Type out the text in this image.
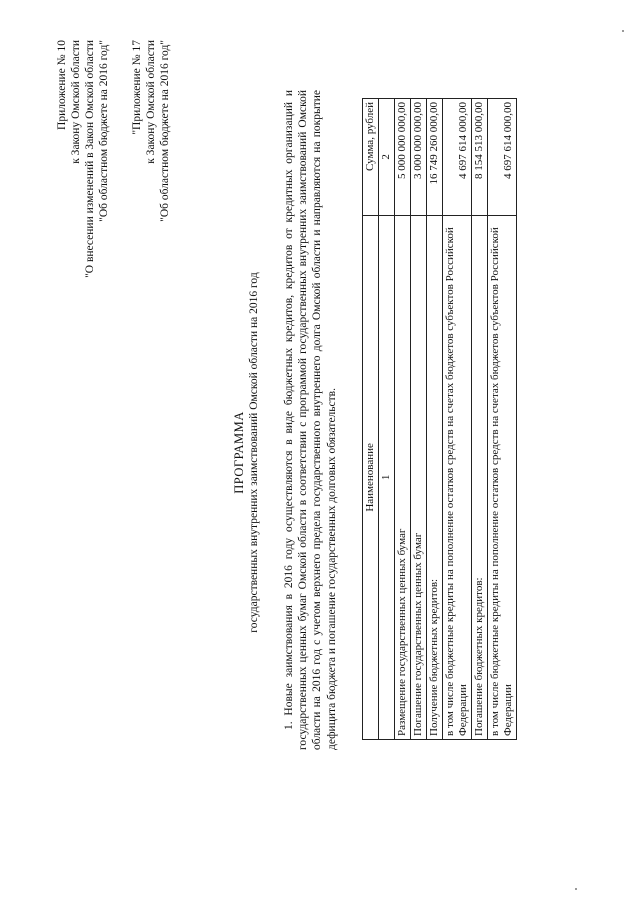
Приложение № 10 к Закону Омской области "О внесении изменений в Закон Омской области "Об областном бюджете на 2016 год" "Приложение № 17 к Закону Омской области "Об областном бюджете на 2016 год"
ПРОГРАММА государственных внутренних заимствований Омской области на 2016 год 1. Новые заимствования в 2016 году осуществляются в виде бюджетных кредитов, кредитов от кредитных организаций и государственных ценных бумаг Омской области в соответствии с программой государственных внутренних заимствований Омской области на 2016 год с учетом верхнего предела государственного внутреннего долга Омской области и направляются на покрытие дефицита бюджета и погашение государственных долговых обязательств. Наименование	Сумма, рублей
1	2
Размещение государственных ценных бумаг	5 000 000 000,00
Погашение государственных ценных бумаг	3 000 000 000,00
Получение бюджетных кредитов:	16 749 260 000,00
в том числе бюджетные кредиты на пополнение остатков средств на счетах бюджетов субъектов Российской Федерации	4 697 614 000,00
Погашение бюджетных кредитов:	8 154 513 000,00
в том числе бюджетные кредиты на пополнение остатков средств на счетах бюджетов субъектов Российской Федерации	4 697 614 000,00
